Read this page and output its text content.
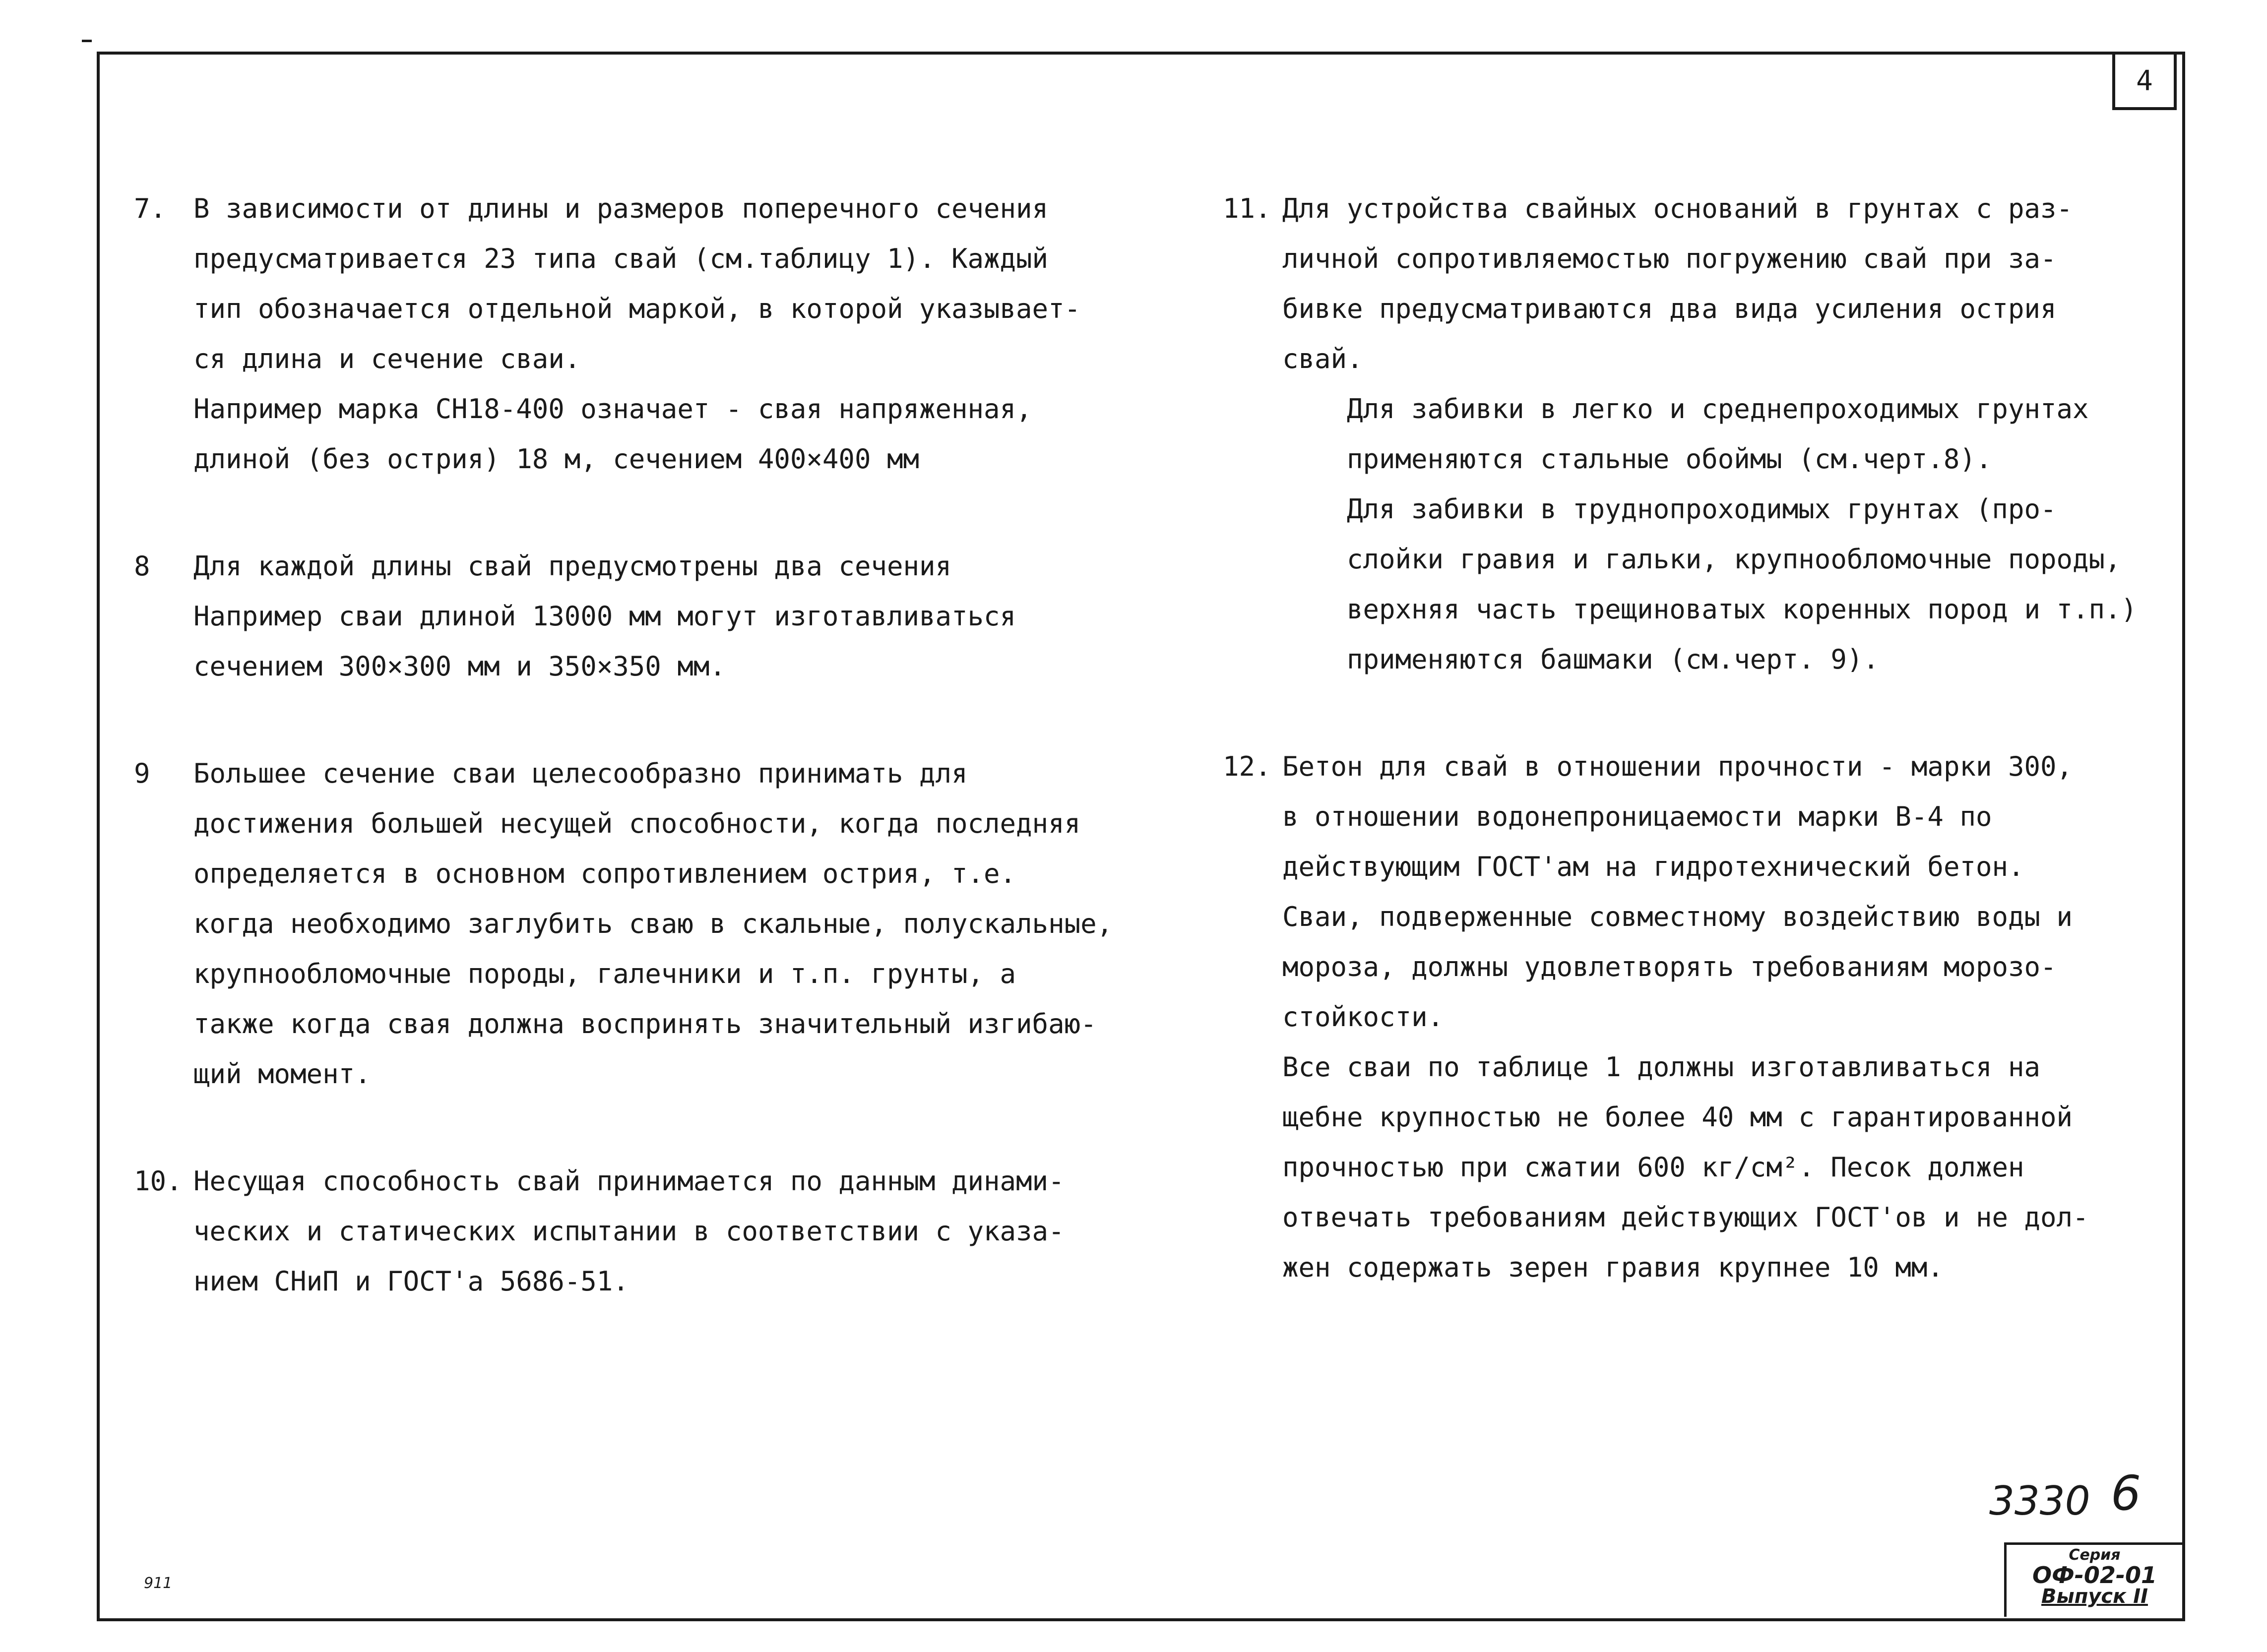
4
7. В зависимости от длины и размеров поперечного сечения
предусматривается 23 типа свай (см.таблицу 1). Каждый
тип обозначается отдельной маркой, в которой указывает-
ся длина и сечение сваи.

Например марка СН18-400 означает - свая напряженная,
длиной (без острия) 18 м, сечением 400×400 мм

8 Для каждой длины свай предусмотрены два сечения
Например сваи длиной 13000 мм могут изготавливаться
сечением 300×300 мм и 350×350 мм.

9 Большее сечение сваи целесообразно принимать для
достижения большей несущей способности, когда последняя
определяется в основном сопротивлением острия, т.е.
когда необходимо заглубить сваю в скальные, полускальные,
крупнообломочные породы, галечники и т.п. грунты, а
также когда свая должна воспринять значительный изгибаю-
щий момент.

10. Несущая способность свай принимается по данным динами-
ческих и статических испытании в соответствии с указа-
нием СНиП и ГОСТ'а 5686-51.

11. Для устройства свайных оснований в грунтах с раз-
личной сопротивляемостью погружению свай при за-
бивке предусматриваются два вида усиления острия
свай.

Для забивки в легко и среднепроходимых грунтах
применяются стальные обоймы (см.черт.8).

Для забивки в труднопроходимых грунтах (про-
слойки гравия и гальки, крупнообломочные породы,
верхняя часть трещиноватых коренных пород и т.п.)
применяются башмаки (см.черт. 9).

12. Бетон для свай в отношении прочности - марки 300,
в отношении водонепроницаемости марки В-4 по
действующим ГОСТ'ам на гидротехнический бетон.
Сваи, подверженные совместному воздействию воды и
мороза, должны удовлетворять требованиям морозо-
стойкости.

Все сваи по таблице 1 должны изготавливаться на
щебне крупностью не более 40 мм с гарантированной
прочностью при сжатии 600 кг/см². Песок должен
отвечать требованиям действующих ГОСТ'ов и не дол-
жен содержать зерен гравия крупнее 10 мм.

3330 6
Серия
ОФ-02-01
Выпуск II
911
